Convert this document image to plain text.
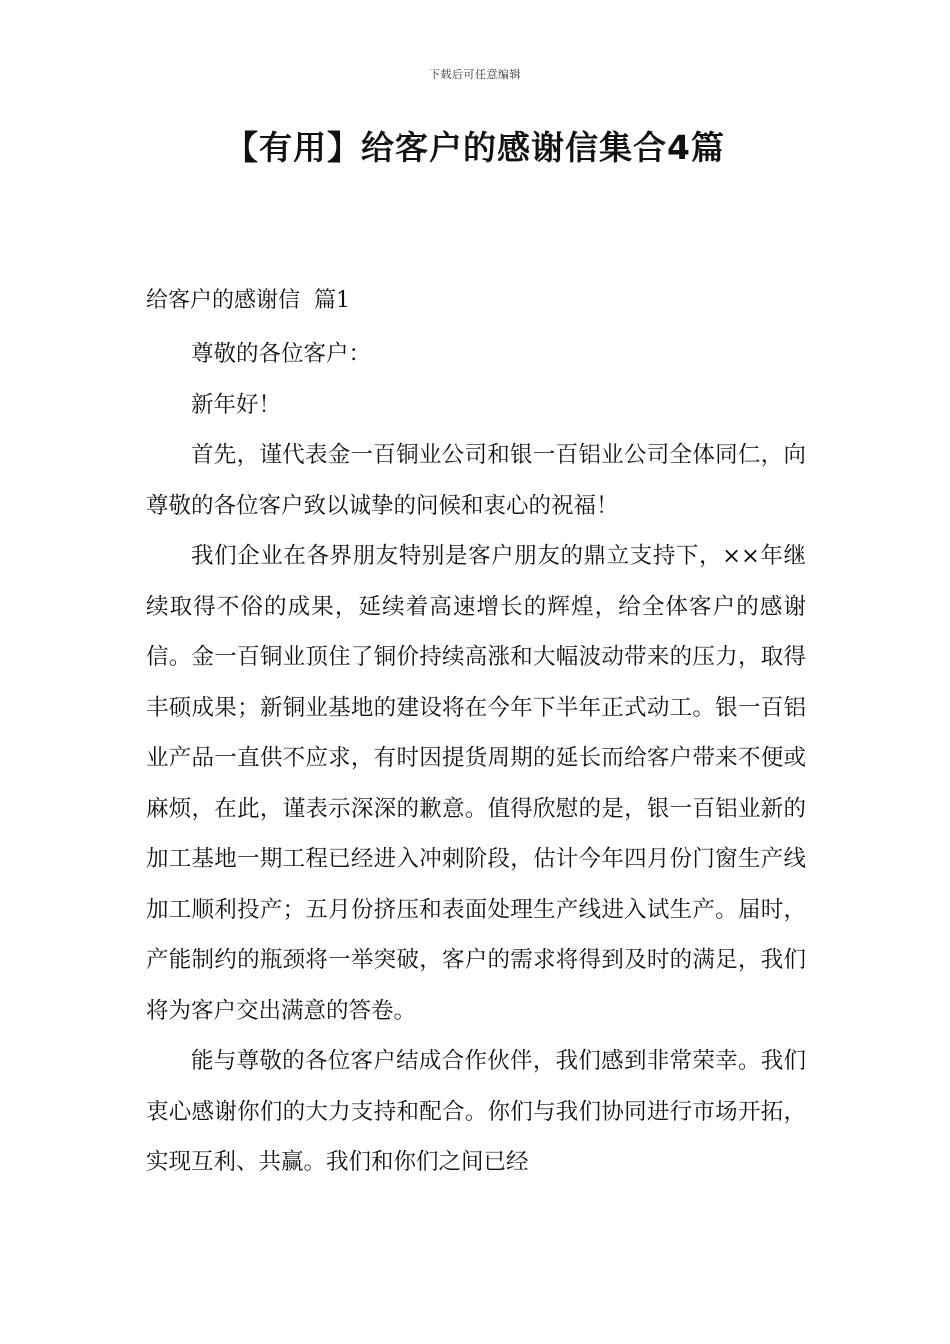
下载后可任意编辑
【有用】给客户的感谢信集合4篇
给客户的感谢信 篇1

尊敬的各位客户：

新年好！

首先，谨代表金一百铜业公司和银一百铝业公司全体同仁，向尊敬的各位客户致以诚挚的问候和衷心的祝福！

我们企业在各界朋友特别是客户朋友的鼎立支持下，××年继续取得不俗的成果，延续着高速增长的辉煌，给全体客户的感谢信。金一百铜业顶住了铜价持续高涨和大幅波动带来的压力，取得丰硕成果；新铜业基地的建设将在今年下半年正式动工。银一百铝业产品一直供不应求，有时因提货周期的延长而给客户带来不便或麻烦，在此，谨表示深深的歉意。值得欣慰的是，银一百铝业新的加工基地一期工程已经进入冲刺阶段，估计今年四月份门窗生产线加工顺利投产；五月份挤压和表面处理生产线进入试生产。届时，产能制约的瓶颈将一举突破，客户的需求将得到及时的满足，我们将为客户交出满意的答卷。

能与尊敬的各位客户结成合作伙伴，我们感到非常荣幸。我们衷心感谢你们的大力支持和配合。你们与我们协同进行市场开拓，实现互利、共赢。我们和你们之间已经
